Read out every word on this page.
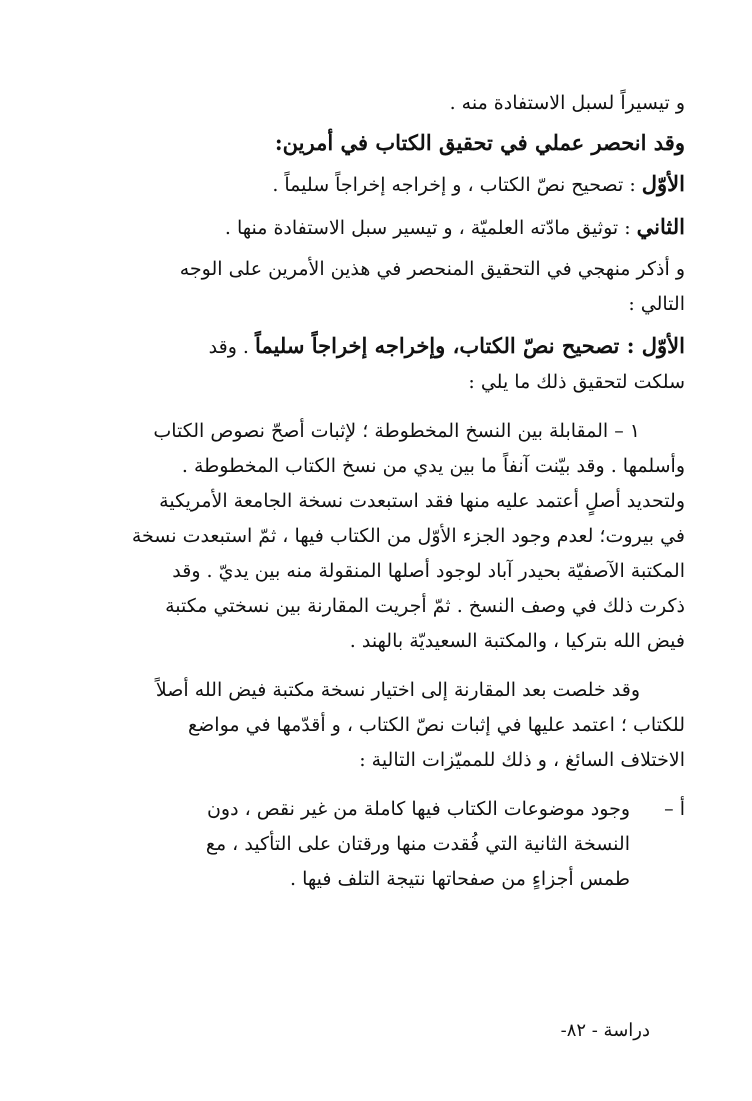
و تيسيراً لسبل الاستفادة منه .
وقد انحصر عملي في تحقيق الكتاب في أمرين:
الأوّل : تصحيح نصّ الكتاب ، و إخراجه إخراجاً سليماً .
الثاني : توثيق مادّته العلميّة ، و تيسير سبل الاستفادة منها .
و أذكر منهجي في التحقيق المنحصر في هذين الأمرين على الوجه
التالي :
الأوّل : تصحيح نصّ الكتاب، وإخراجه إخراجاً سليماً . وقد
سلكت لتحقيق ذلك ما يلي :
١ – المقابلة بين النسخ المخطوطة ؛ لإثبات أصحّ نصوص الكتاب
وأسلمها . وقد بيّنت آنفاً ما بين يدي من نسخ الكتاب المخطوطة .
ولتحديد أصلٍ أعتمد عليه منها فقد استبعدت نسخة الجامعة الأمريكية
في بيروت؛ لعدم وجود الجزء الأوّل من الكتاب فيها ، ثمّ استبعدت نسخة
المكتبة الآصفيّة بحيدر آباد لوجود أصلها المنقولة منه بين يديّ . وقد
ذكرت ذلك في وصف النسخ . ثمّ أجريت المقارنة بين نسختي مكتبة
فيض الله بتركيا ، والمكتبة السعيديّة بالهند .
وقد خلصت بعد المقارنة إلى اختيار نسخة مكتبة فيض الله أصلاً
للكتاب ؛ اعتمد عليها في إثبات نصّ الكتاب ، و أقدّمها في مواضع
الاختلاف السائغ ، و ذلك للمميّزات التالية :
أ –
وجود موضوعات الكتاب فيها كاملة من غير نقص ، دون
النسخة الثانية التي فُقدت منها ورقتان على التأكيد ، مع
طمس أجزاءٍ من صفحاتها نتيجة التلف فيها .
دراسة - ٨٢-
